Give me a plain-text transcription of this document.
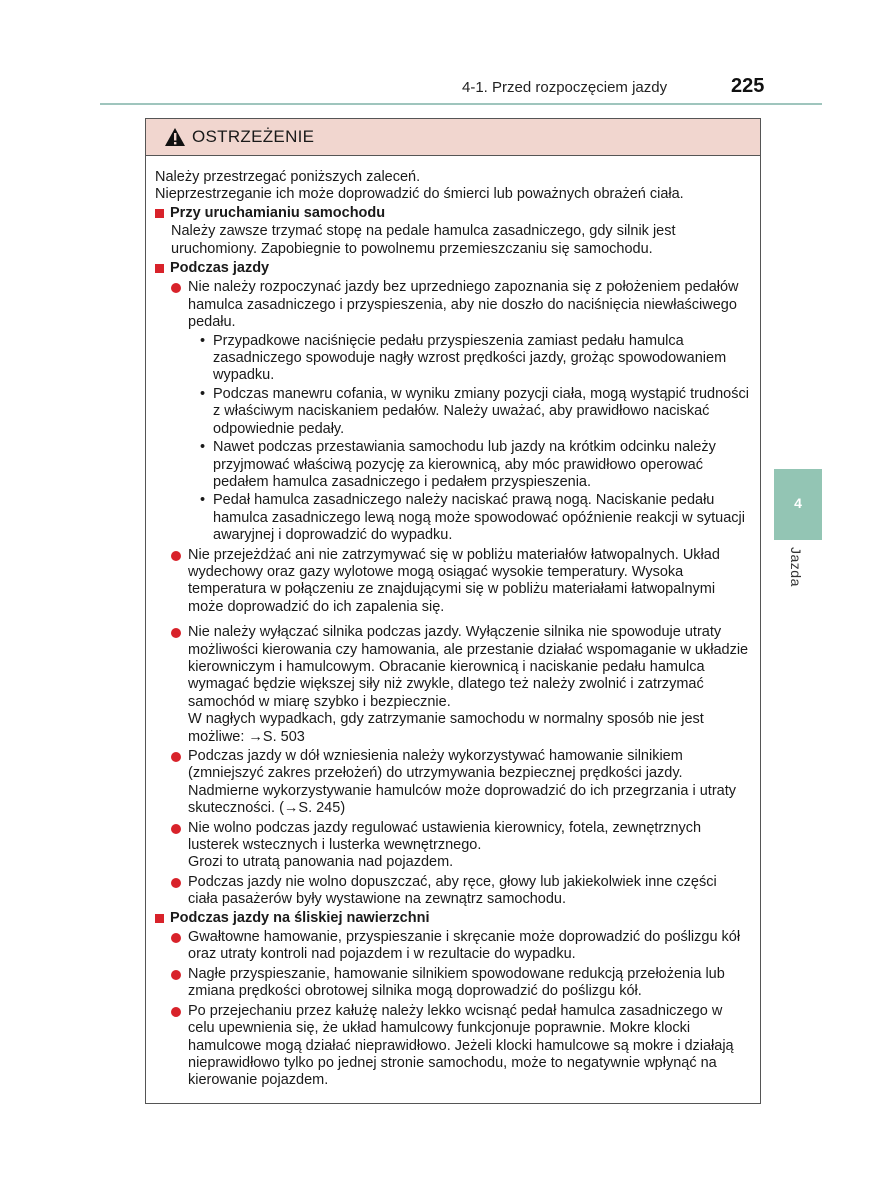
4-1. Przed rozpoczęciem jazdy	225
4
Jazda
OSTRZEŻENIE

Należy przestrzegać poniższych zaleceń.

Nieprzestrzeganie ich może doprowadzić do śmierci lub poważnych obrażeń ciała.

Przy uruchamianiu samochodu

Należy zawsze trzymać stopę na pedale hamulca zasadniczego, gdy silnik jest uruchomiony. Zapobiegnie to powolnemu przemieszczaniu się samochodu.

Podczas jazdy
Nie należy rozpoczynać jazdy bez uprzedniego zapoznania się z położeniem pedałów hamulca zasadniczego i przyspieszenia, aby nie doszło do naciśnięcia niewłaściwego pedału.
• Przypadkowe naciśnięcie pedału przyspieszenia zamiast pedału hamulca zasadniczego spowoduje nagły wzrost prędkości jazdy, grożąc spowodowaniem wypadku.
• Podczas manewru cofania, w wyniku zmiany pozycji ciała, mogą wystąpić trudności z właściwym naciskaniem pedałów. Należy uważać, aby prawidłowo naciskać odpowiednie pedały.
• Nawet podczas przestawiania samochodu lub jazdy na krótkim odcinku należy przyjmować właściwą pozycję za kierownicą, aby móc prawidłowo operować pedałem hamulca zasadniczego i pedałem przyspieszenia.
• Pedał hamulca zasadniczego należy naciskać prawą nogą. Naciskanie pedału hamulca zasadniczego lewą nogą może spowodować opóźnienie reakcji w sytuacji awaryjnej i doprowadzić do wypadku.
Nie przejeżdżać ani nie zatrzymywać się w pobliżu materiałów łatwopalnych. Układ wydechowy oraz gazy wylotowe mogą osiągać wysokie temperatury. Wysoka temperatura w połączeniu ze znajdującymi się w pobliżu materiałami łatwopalnymi może doprowadzić do ich zapalenia się.
Nie należy wyłączać silnika podczas jazdy. Wyłączenie silnika nie spowoduje utraty możliwości kierowania czy hamowania, ale przestanie działać wspomaganie w układzie kierowniczym i hamulcowym. Obracanie kierownicą i naciskanie pedału hamulca wymagać będzie większej siły niż zwykle, dlatego też należy zwolnić i zatrzymać samochód w miarę szybko i bezpiecznie.
W nagłych wypadkach, gdy zatrzymanie samochodu w normalny sposób nie jest możliwe: →S. 503
Podczas jazdy w dół wzniesienia należy wykorzystywać hamowanie silnikiem (zmniejszyć zakres przełożeń) do utrzymywania bezpiecznej prędkości jazdy. Nadmierne wykorzystywanie hamulców może doprowadzić do ich przegrzania i utraty skuteczności. (→S. 245)
Nie wolno podczas jazdy regulować ustawienia kierownicy, fotela, zewnętrznych lusterek wstecznych i lusterka wewnętrznego.
Grozi to utratą panowania nad pojazdem.
Podczas jazdy nie wolno dopuszczać, aby ręce, głowy lub jakiekolwiek inne części ciała pasażerów były wystawione na zewnątrz samochodu.
Podczas jazdy na śliskiej nawierzchni
Gwałtowne hamowanie, przyspieszanie i skręcanie może doprowadzić do poślizgu kół oraz utraty kontroli nad pojazdem i w rezultacie do wypadku.
Nagłe przyspieszanie, hamowanie silnikiem spowodowane redukcją przełożenia lub zmiana prędkości obrotowej silnika mogą doprowadzić do poślizgu kół.
Po przejechaniu przez kałużę należy lekko wcisnąć pedał hamulca zasadniczego w celu upewnienia się, że układ hamulcowy funkcjonuje poprawnie. Mokre klocki hamulcowe mogą działać nieprawidłowo. Jeżeli klocki hamulcowe są mokre i działają nieprawidłowo tylko po jednej stronie samochodu, może to negatywnie wpłynąć na kierowanie pojazdem.
